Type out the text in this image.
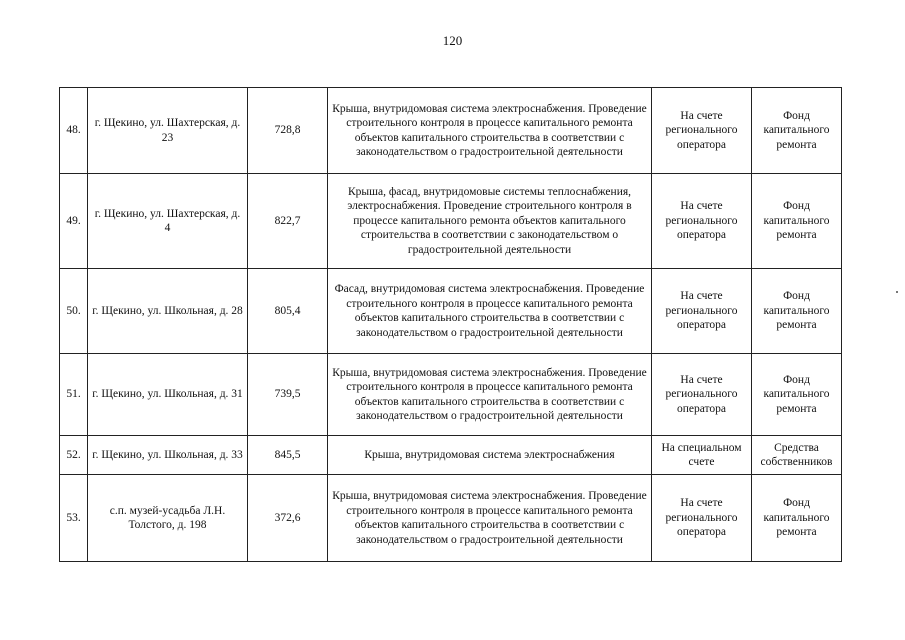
120
48.	г. Щекино, ул. Шахтерская, д. 23	728,8	Крыша, внутридомовая система электроснабжения. Проведение строительного контроля в процессе капитального ремонта объектов капитального строительства в соответствии с законодательством о градостроительной деятельности	На счете регионального оператора	Фонд капитального ремонта
49.	г. Щекино, ул. Шахтерская, д. 4	822,7	Крыша, фасад, внутридомовые системы теплоснабжения, электроснабжения. Проведение строительного контроля в процессе капитального ремонта объектов капитального строительства в соответствии с законодательством о градостроительной деятельности	На счете регионального оператора	Фонд капитального ремонта
50.	г. Щекино, ул. Школьная, д. 28	805,4	Фасад, внутридомовая система электроснабжения. Проведение строительного контроля в процессе капитального ремонта объектов капитального строительства в соответствии с законодательством о градостроительной деятельности	На счете регионального оператора	Фонд капитального ремонта
51.	г. Щекино, ул. Школьная, д. 31	739,5	Крыша, внутридомовая система электроснабжения. Проведение строительного контроля в процессе капитального ремонта объектов капитального строительства в соответствии с законодательством о градостроительной деятельности	На счете регионального оператора	Фонд капитального ремонта
52.	г. Щекино, ул. Школьная, д. 33	845,5	Крыша, внутридомовая система электроснабжения	На специальном счете	Средства собственников
53.	с.п. музей-усадьба Л.Н. Толстого, д. 198	372,6	Крыша, внутридомовая система электроснабжения. Проведение строительного контроля в процессе капитального ремонта объектов капитального строительства в соответствии с законодательством о градостроительной деятельности	На счете регионального оператора	Фонд капитального ремонта
